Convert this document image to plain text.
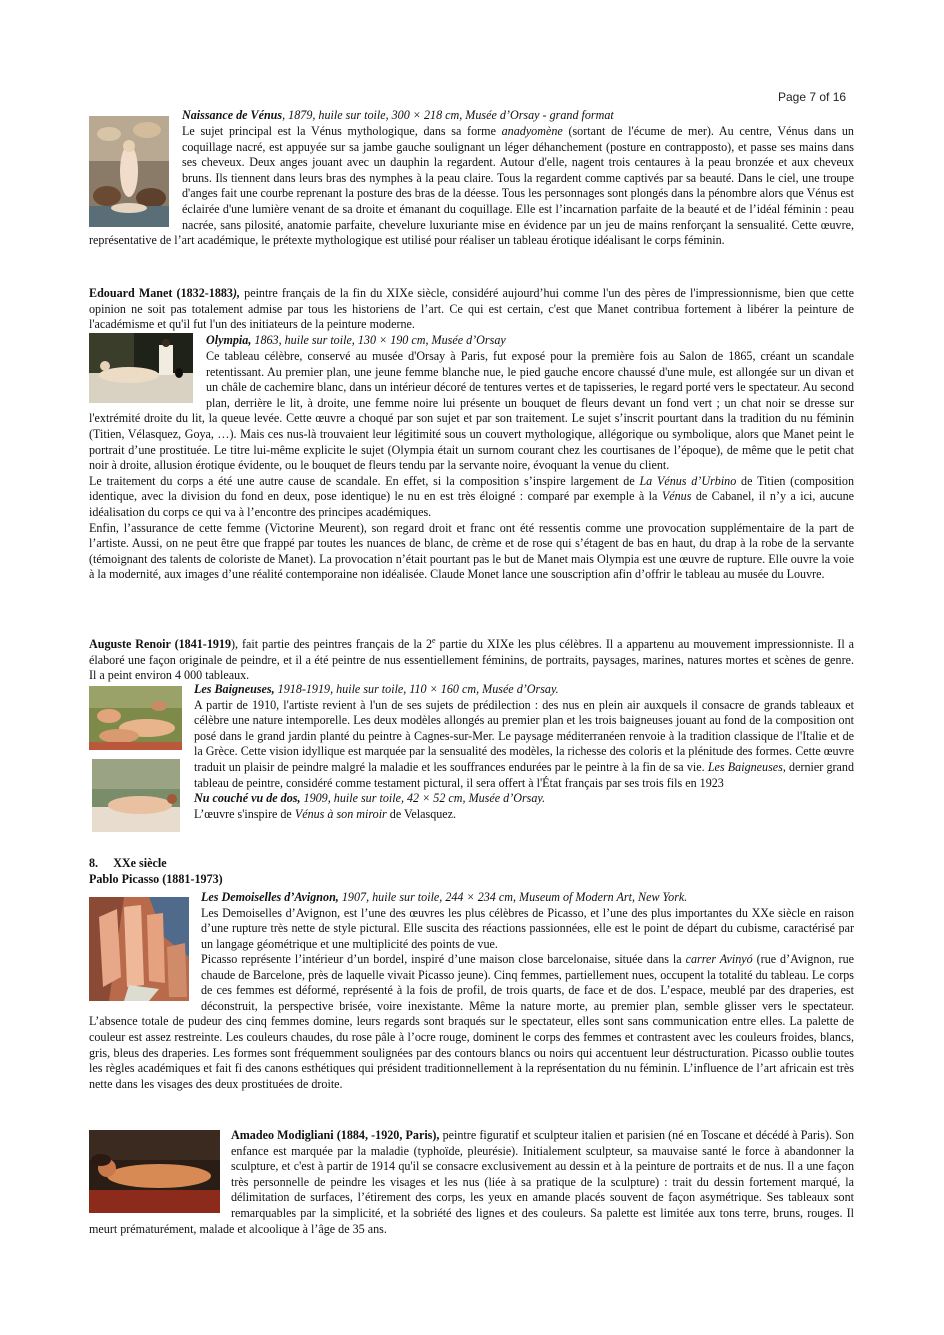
Page 7 of 16

Naissance de Vénus, 1879, huile sur toile, 300 × 218 cm, Musée d’Orsay - grand format

Le sujet principal est la Vénus mythologique, dans sa forme anadyomène (sortant de l'écume de mer). Au centre, Vénus dans un coquillage nacré, est appuyée sur sa jambe gauche soulignant un léger déhanchement (posture en contrapposto), et passe ses mains dans ses cheveux. Deux anges jouant avec un dauphin la regardent. Autour d'elle, nagent trois centaures à la peau bronzée et aux cheveux bruns. Ils tiennent dans leurs bras des nymphes à la peau claire. Tous la regardent comme captivés par sa beauté. Dans le ciel, une troupe d'anges fait une courbe reprenant la posture des bras de la déesse. Tous les personnages sont plongés dans la pénombre alors que Vénus est éclairée d'une lumière venant de sa droite et émanant du coquillage. Elle est l’incarnation parfaite de la beauté et de l’idéal féminin : peau nacrée, sans pilosité, anatomie parfaite, chevelure luxuriante mise en évidence par un jeu de mains renforçant la sensualité. Cette œuvre, représentative de l’art académique, le prétexte mythologique est utilisé pour réaliser un tableau érotique idéalisant le corps féminin.

Edouard Manet (1832-1883), peintre français de la fin du XIXe siècle, considéré aujourd’hui comme l'un des pères de l'impressionnisme, bien que cette opinion ne soit pas totalement admise par tous les historiens de l’art. Ce qui est certain, c'est que Manet contribua fortement à libérer la peinture de l'académisme et qu'il fut l'un des initiateurs de la peinture moderne.

Olympia, 1863, huile sur toile, 130 × 190 cm, Musée d’Orsay

Ce tableau célèbre, conservé au musée d'Orsay à Paris, fut exposé pour la première fois au Salon de 1865, créant un scandale retentissant. Au premier plan, une jeune femme blanche nue, le pied gauche encore chaussé d'une mule, est allongée sur un divan et un châle de cachemire blanc, dans un intérieur décoré de tentures vertes et de tapisseries, le regard porté vers le spectateur. Au second plan, derrière le lit, à droite, une femme noire lui présente un bouquet de fleurs devant un fond vert ; un chat noir se dresse sur l'extrémité droite du lit, la queue levée. Cette œuvre a choqué par son sujet et par son traitement. Le sujet s’inscrit pourtant dans la tradition du nu féminin (Titien, Vélasquez, Goya, …). Mais ces nus-là trouvaient leur légitimité sous un couvert mythologique, allégorique ou symbolique, alors que Manet peint le portrait d’une prostituée. Le titre lui-même explicite le sujet (Olympia était un surnom courant chez les courtisanes de l’époque), de même que le petit chat noir à droite, allusion érotique évidente, ou le bouquet de fleurs tendu par la servante noire, évoquant la venue du client.

Le traitement du corps a été une autre cause de scandale. En effet, si la composition s’inspire largement de La Vénus d’Urbino de Titien (composition identique, avec la division du fond en deux, pose identique) le nu en est très éloigné : comparé par exemple à la Vénus de Cabanel, il n’y a ici, aucune idéalisation du corps ce qui va à l’encontre des principes académiques.

Enfin, l’assurance de cette femme (Victorine Meurent), son regard droit et franc ont été ressentis comme une provocation supplémentaire de la part de l’artiste. Aussi, on ne peut être que frappé par toutes les nuances de blanc, de crème et de rose qui s’étagent de bas en haut, du drap à la robe de la servante (témoignant des talents de coloriste de Manet). La provocation n’était pourtant pas le but de Manet mais Olympia est une œuvre de rupture. Elle ouvre la voie à la modernité, aux images d’une réalité contemporaine non idéalisée. Claude Monet lance une souscription afin d’offrir le tableau au musée du Louvre.

Auguste Renoir (1841-1919), fait partie des peintres français de la 2e partie du XIXe les plus célèbres. Il a appartenu au mouvement impressionniste. Il a élaboré une façon originale de peindre, et il a été peintre de nus essentiellement féminins, de portraits, paysages, marines, natures mortes et scènes de genre. Il a peint environ 4 000 tableaux.

Les Baigneuses, 1918-1919, huile sur toile, 110 × 160 cm, Musée d’Orsay.

A partir de 1910, l'artiste revient à l'un de ses sujets de prédilection : des nus en plein air auxquels il consacre de grands tableaux et célèbre une nature intemporelle. Les deux modèles allongés au premier plan et les trois baigneuses jouant au fond de la composition ont posé dans le grand jardin planté du peintre à Cagnes-sur-Mer. Le paysage méditerranéen renvoie à la tradition classique de l'Italie et de la Grèce. Cette vision idyllique est marquée par la sensualité des modèles, la richesse des coloris et la plénitude des formes. Cette œuvre traduit un plaisir de peindre malgré la maladie et les souffrances endurées par le peintre à la fin de sa vie. Les Baigneuses, dernier grand tableau de peintre, considéré comme testament pictural, il sera offert à l'État français par ses trois fils en 1923

Nu couché vu de dos, 1909, huile sur toile, 42 × 52 cm, Musée d’Orsay.

L’œuvre s'inspire de Vénus à son miroir de Velasquez.

8. XXe siècle

Pablo Picasso (1881-1973)

Les Demoiselles d’Avignon, 1907, huile sur toile, 244 × 234 cm, Museum of Modern Art, New York.

Les Demoiselles d’Avignon, est l’une des œuvres les plus célèbres de Picasso, et l’une des plus importantes du XXe siècle en raison d’une rupture très nette de style pictural. Elle suscita des réactions passionnées, elle est le point de départ du cubisme, caractérisé par un langage géométrique et une multiplicité des points de vue.

Picasso représente l’intérieur d’un bordel, inspiré d’une maison close barcelonaise, située dans la carrer Avinyó (rue d’Avignon, rue chaude de Barcelone, près de laquelle vivait Picasso jeune). Cinq femmes, partiellement nues, occupent la totalité du tableau. Le corps de ces femmes est déformé, représenté à la fois de profil, de trois quarts, de face et de dos. L’espace, meublé par des draperies, est déconstruit, la perspective brisée, voire inexistante. Même la nature morte, au premier plan, semble glisser vers le spectateur. L’absence totale de pudeur des cinq femmes domine, leurs regards sont braqués sur le spectateur, elles sont sans communication entre elles. La palette de couleur est assez restreinte. Les couleurs chaudes, du rose pâle à l’ocre rouge, dominent le corps des femmes et contrastent avec les couleurs froides, blancs, gris, bleus des draperies. Les formes sont fréquemment soulignées par des contours blancs ou noirs qui accentuent leur déstructuration. Picasso oublie toutes les règles académiques et fait fi des canons esthétiques qui président traditionnellement à la représentation du nu féminin. L’influence de l’art africain est très nette dans les visages des deux prostituées de droite.

Amadeo Modigliani (1884, -1920, Paris), peintre figuratif et sculpteur italien et parisien (né en Toscane et décédé à Paris). Son enfance est marquée par la maladie (typhoïde, pleurésie). Initialement sculpteur, sa mauvaise santé le force à abandonner la sculpture, et c'est à partir de 1914 qu'il se consacre exclusivement au dessin et à la peinture de portraits et de nus. Il a une façon très personnelle de peindre les visages et les nus (liée à sa pratique de la sculpture) : trait du dessin fortement marqué, la délimitation de surfaces, l’étirement des corps, les yeux en amande placés souvent de façon asymétrique. Ses tableaux sont remarquables par la simplicité, et la sobriété des lignes et des couleurs. Sa palette est limitée aux tons terre, bruns, rouges. Il meurt prématurément, malade et alcoolique à l’âge de 35 ans.
